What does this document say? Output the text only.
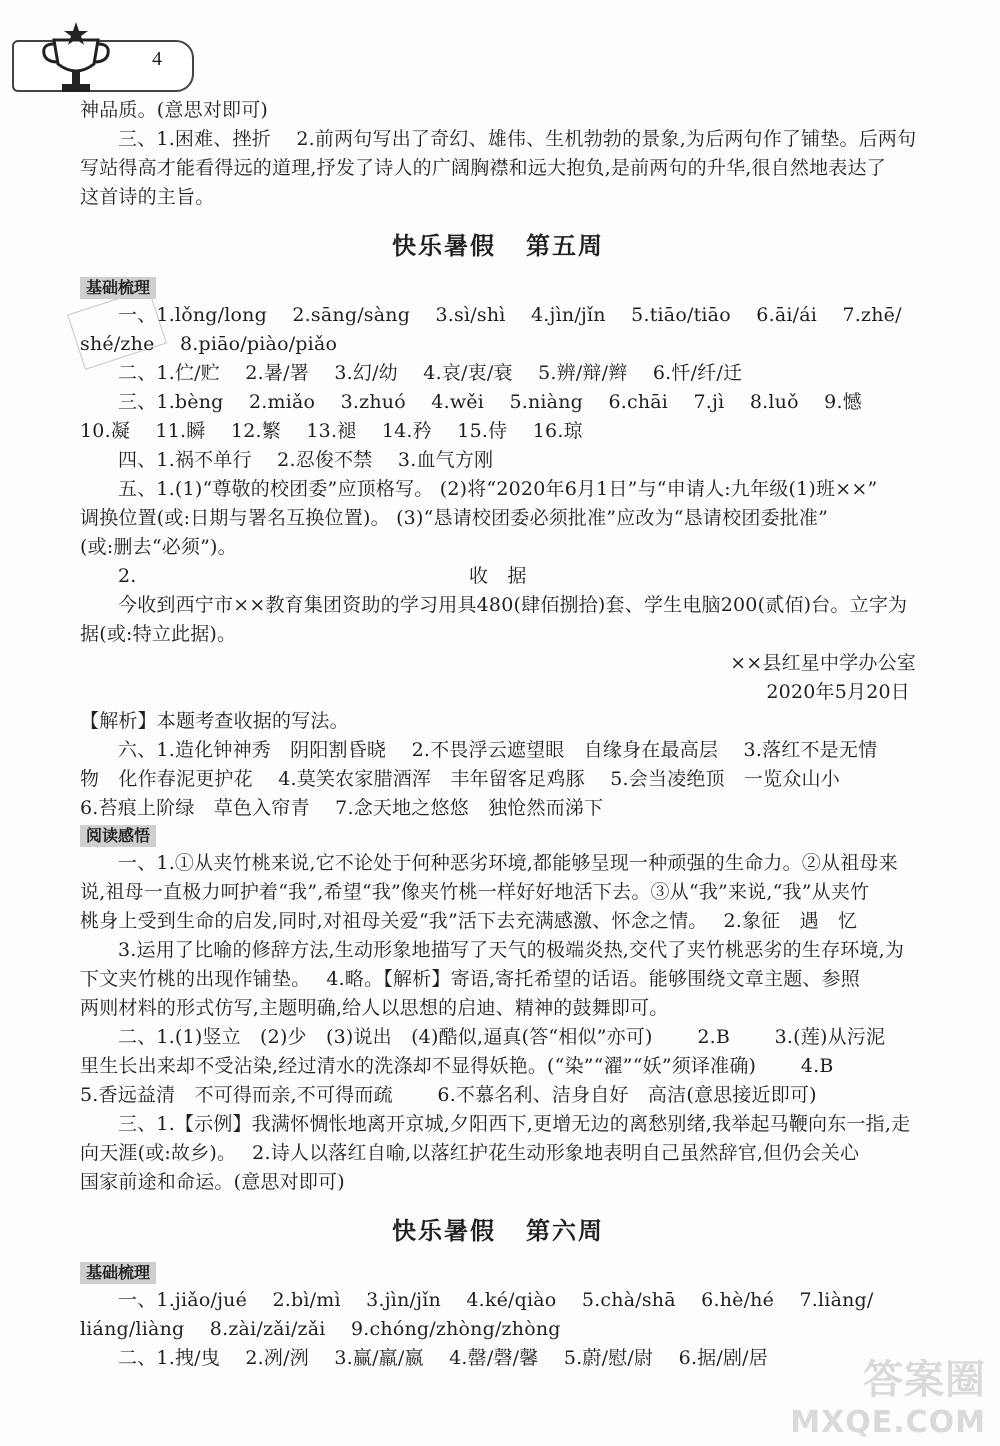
4
神品质。(意思对即可)
三、1.困难、挫折　 2.前两句写出了奇幻、雄伟、生机勃勃的景象,为后两句作了铺垫。后两句
写站得高才能看得远的道理,抒发了诗人的广阔胸襟和远大抱负,是前两句的升华,很自然地表达了
这首诗的主旨。
快乐暑假 第五周
基础梳理
一、1.lǒng/long　 2.sāng/sàng　 3.sì/shì　 4.jìn/jǐn　 5.tiāo/tiāo　 6.āi/ái　 7.zhē/
shé/zhe　 8.piāo/piào/piǎo
二、1.伫/贮　 2.暑/署　 3.幻/幼　 4.哀/衷/衰　 5.辨/辩/辫　 6.忏/纤/迁
三、1.bèng　 2.miǎo　 3.zhuó　 4.wěi　 5.niàng　 6.chāi　 7.jì　 8.luǒ　 9.憾
10.凝　 11.瞬　 12.繁　 13.褪　 14.矜　 15.侍　 16.琼
四、1.祸不单行　 2.忍俊不禁　 3.血气方刚
五、1.(1)“尊敬的校团委”应顶格写。 (2)将“2020年6月1日”与“申请人:九年级(1)班××”
调换位置(或:日期与署名互换位置)。 (3)“恳请校团委必须批准”应改为“恳请校团委批准”
(或:删去“必须”)。
2.	收　据
今收到西宁市××教育集团资助的学习用具480(肆佰捌拾)套、学生电脑200(贰佰)台。立字为
据(或:特立此据)。
××县红星中学办公室
2020年5月20日
【解析】本题考查收据的写法。
六、1.造化钟神秀　阴阳割昏晓　 2.不畏浮云遮望眼　自缘身在最高层　 3.落红不是无情
物　化作春泥更护花　 4.莫笑农家腊酒浑　丰年留客足鸡豚　 5.会当凌绝顶　一览众山小
6.苔痕上阶绿　草色入帘青　 7.念天地之悠悠　独怆然而涕下
阅读感悟
一、1.①从夹竹桃来说,它不论处于何种恶劣环境,都能够呈现一种顽强的生命力。②从祖母来
说,祖母一直极力呵护着“我”,希望“我”像夹竹桃一样好好地活下去。③从“我”来说,“我”从夹竹
桃身上受到生命的启发,同时,对祖母关爱“我”活下去充满感激、怀念之情。　 2.象征　遇　忆
3.运用了比喻的修辞方法,生动形象地描写了天气的极端炎热,交代了夹竹桃恶劣的生存环境,为
下文夹竹桃的出现作铺垫。　 4.略。【解析】寄语,寄托希望的话语。能够围绕文章主题、参照
两则材料的形式仿写,主题明确,给人以思想的启迪、精神的鼓舞即可。
二、1.(1)竖立　(2)少　(3)说出　(4)酷似,逼真(答“相似”亦可)　　 2.B　　 3.(莲)从污泥
里生长出来却不受沾染,经过清水的洗涤却不显得妖艳。(“染”“濯”“妖”须译准确)　　 4.B
5.香远益清　不可得而亲,不可得而疏　　 6.不慕名利、洁身自好　高洁(意思接近即可)
三、1.【示例】我满怀惆怅地离开京城,夕阳西下,更增无边的离愁别绪,我举起马鞭向东一指,走
向天涯(或:故乡)。　 2.诗人以落红自喻,以落红护花生动形象地表明自己虽然辞官,但仍会关心
国家前途和命运。(意思对即可)
快乐暑假 第六周
基础梳理
一、1.jiǎo/jué　 2.bì/mì　 3.jìn/jǐn　 4.ké/qiào　 5.chà/shā　 6.hè/hé　 7.liàng/
liáng/liàng　 8.zài/zǎi/zǎi　 9.chóng/zhòng/zhòng
二、1.拽/曳　 2.冽/洌　 3.赢/羸/嬴　 4.罄/磬/馨　 5.蔚/慰/尉　 6.据/剧/居	答案圈
MXQE.COM
